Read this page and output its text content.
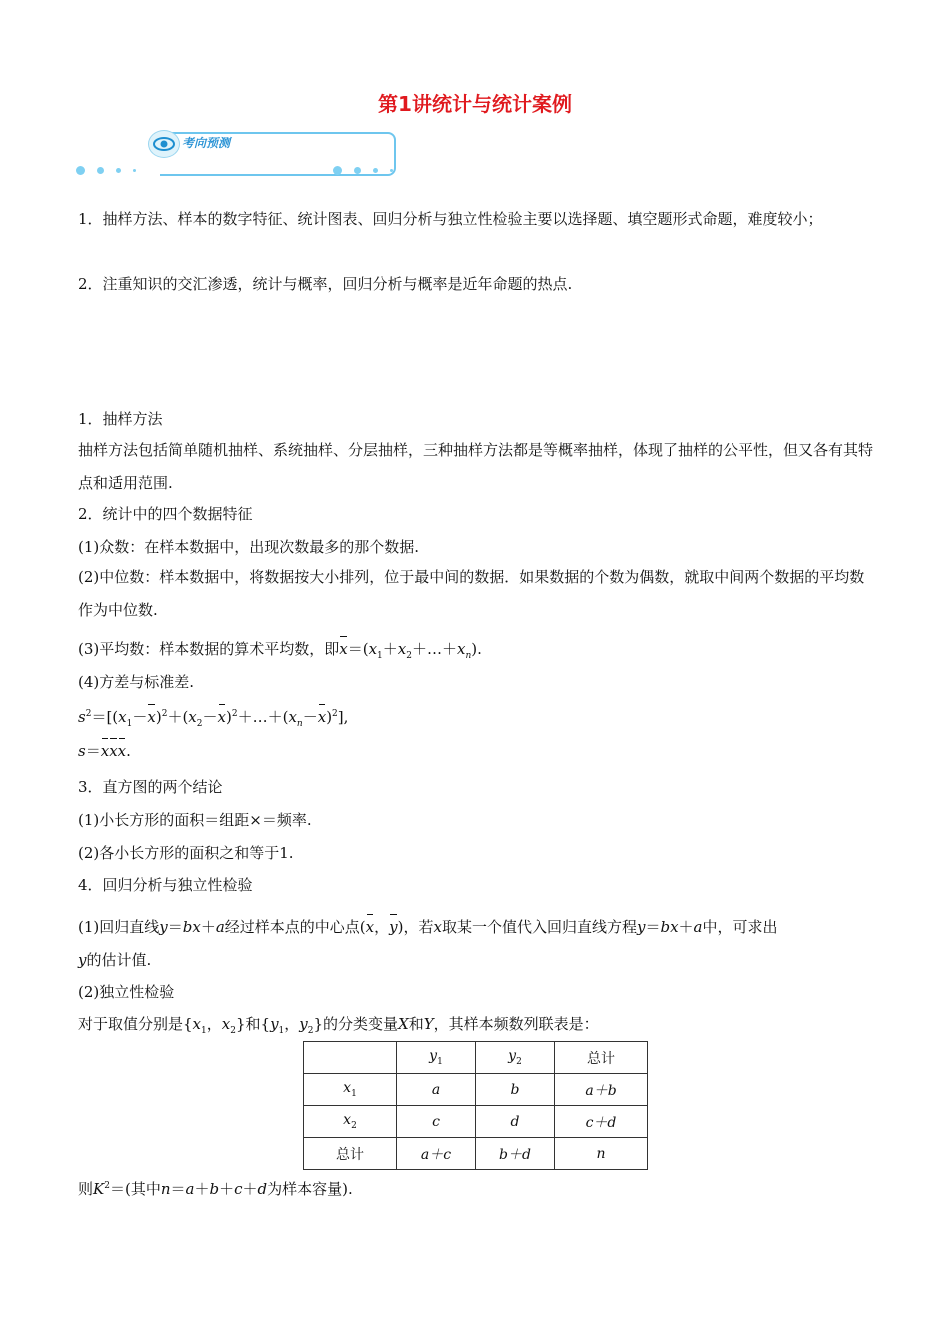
第1讲统计与统计案例
考向预测
1．抽样方法、样本的数字特征、统计图表、回归分析与独立性检验主要以选择题、填空题形式命题，难度较小；
2．注重知识的交汇渗透，统计与概率，回归分析与概率是近年命题的热点.
1．抽样方法
抽样方法包括简单随机抽样、系统抽样、分层抽样，三种抽样方法都是等概率抽样，体现了抽样的公平性，但又各有其特点和适用范围.
2．统计中的四个数据特征
(1)众数：在样本数据中，出现次数最多的那个数据.
(2)中位数：样本数据中，将数据按大小排列，位于最中间的数据．如果数据的个数为偶数，就取中间两个数据的平均数作为中位数.
(3)平均数：样本数据的算术平均数，即$x=(x_1+x_2+\dots+x_n)$.
(4)方差与标准差.
$s^2=[(x_1-x)^2+(x_2-x)^2+\dots+(x_n-x)^2]$,
s＝xxx.
3．直方图的两个结论
(1)小长方形的面积＝组距×＝频率.
(2)各小长方形的面积之和等于1.
4．回归分析与独立性检验
(1)回归直线y＝bx＋a经过样本点的中心点(x，y)，若x取某一个值代入回归直线方程y＝bx＋a中，可求出
y的估计值.
(2)独立性检验
对于取值分别是{$x_1$，$x_2$}和{$y_1$，$y_2$}的分类变量X和Y，其样本频数列联表是：
	$y_1$	$y_2$	总计
$x_1$	a	b	a＋b
$x_2$	c	d	c＋d
总计	a＋c	b＋d	n
则$K^2=$(其中n＝a＋b＋c＋d为样本容量).
